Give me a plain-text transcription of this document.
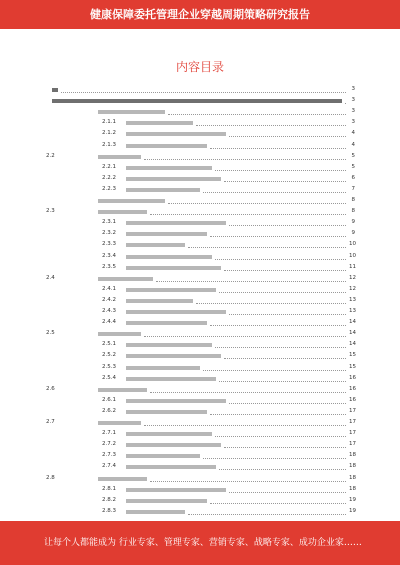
健康保障委托管理企业穿越周期策略研究报告
内容目录
3
3
3
2.1.1	3
2.1.2	4
2.1.3	4
2.2	5
2.2.1	5
2.2.2	6
2.2.3	7
8
2.3	8
2.3.1	9
2.3.2	9
2.3.3	10
2.3.4	10
2.3.5	11
2.4	12
2.4.1	12
2.4.2	13
2.4.3	13
2.4.4	14
2.5	14
2.5.1	14
2.5.2	15
2.5.3	15
2.5.4	16
2.6	16
2.6.1	16
2.6.2	17
2.7	17
2.7.1	17
2.7.2	17
2.7.3	18
2.7.4	18
2.8	18
2.8.1	18
2.8.2	19
2.8.3	19
让每个人都能成为 行业专家、管理专家、营销专家、战略专家、成功企业家……
